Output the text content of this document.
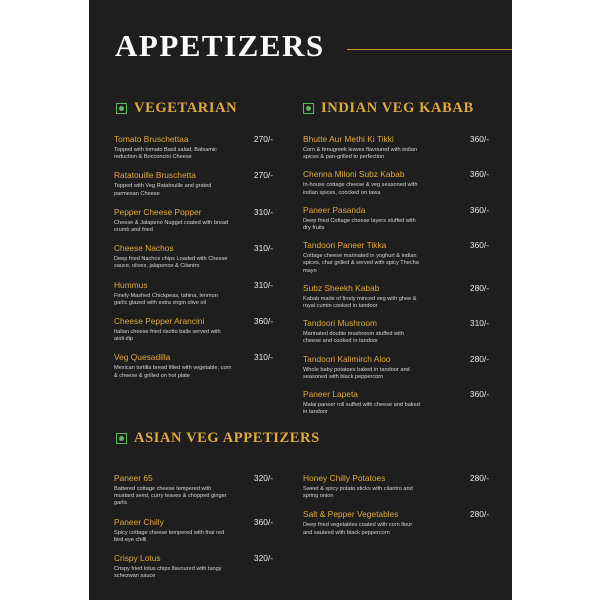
APPETIZERS
VEGETARIAN
Tomato Bruschettaa	270/-
Topped with tomato Basil salad, Balsamic reduction & Bocconcini Cheese
Ratatouille Bruschetta	270/-
Topped with Veg Ratatouille and grated parmesan Cheese
Pepper Cheese Popper	310/-
Cheese & Jalapeno Nugget coated with bread crumb and fried
Cheese Nachos	310/-
Deep fried Nachos chips Loaded with Cheese sauce, olives, jalapenos & Cilantro
Hummus	310/-
Finely Mashed Chickpeas, tahina, lenmon garlic glazed with extra virgin olive oil
Cheese Pepper Arancini	360/-
Italian cheese fried risotto balls served with aioli dip
Veg Quesadilla	310/-
Mexican tortilla bread filled with vegetable, corn & cheese & grilled on hot plate
INDIAN VEG KABAB
Bhutte Aur Methi Ki Tikki	360/-
Corn & fenugreek leaves flavoured with indian spices & pan-grilled to perfection
Chenna Miloni Subz Kabab	360/-
In-house cottage cheese & veg seasoned with indian spices, coocked on tawa
Paneer Pasanda	360/-
Deep fried Cottage cheese layers stuffed with dry fruits
Tandoori Paneer Tikka	360/-
Cottage cheese marinated in yoghurt & indian spices, char grilled & served with spicy Thecha mayo
Subz Sheekh Kabab	280/-
Kabab made of finely minced veg with ghee & royal cumin cooked in tandoor
Tandoori Mushroom	310/-
Marinated double mushroom stuffed with cheese and cooked in tandoor
Tandoori Kalimirch Aloo	280/-
Whole baby potatoes baked in tandoor and seasoned with black peppercorn
Paneer Lapeta	360/-
Malai paneer roll suffed with cheese and baked in tandoor
ASIAN VEG APPETIZERS
Paneer 65	320/-
Battered cottage cheese tempered with mustard seed, curry leaves & chopped ginger garlic
Paneer Chilly	360/-
Spicy cottage cheese tempered with thai red bird eye chilli
Crispy Lotus	320/-
Crispy fried lotus chips flavoured with tangy schezwan sauce
Honey Chilly Potatoes	280/-
Sweet & spicy potato sticks with cilantro and spring onion
Salt & Pepper Vegetables	280/-
Deep fried vegetables coated with corn flour and sauteed with black peppercorn
